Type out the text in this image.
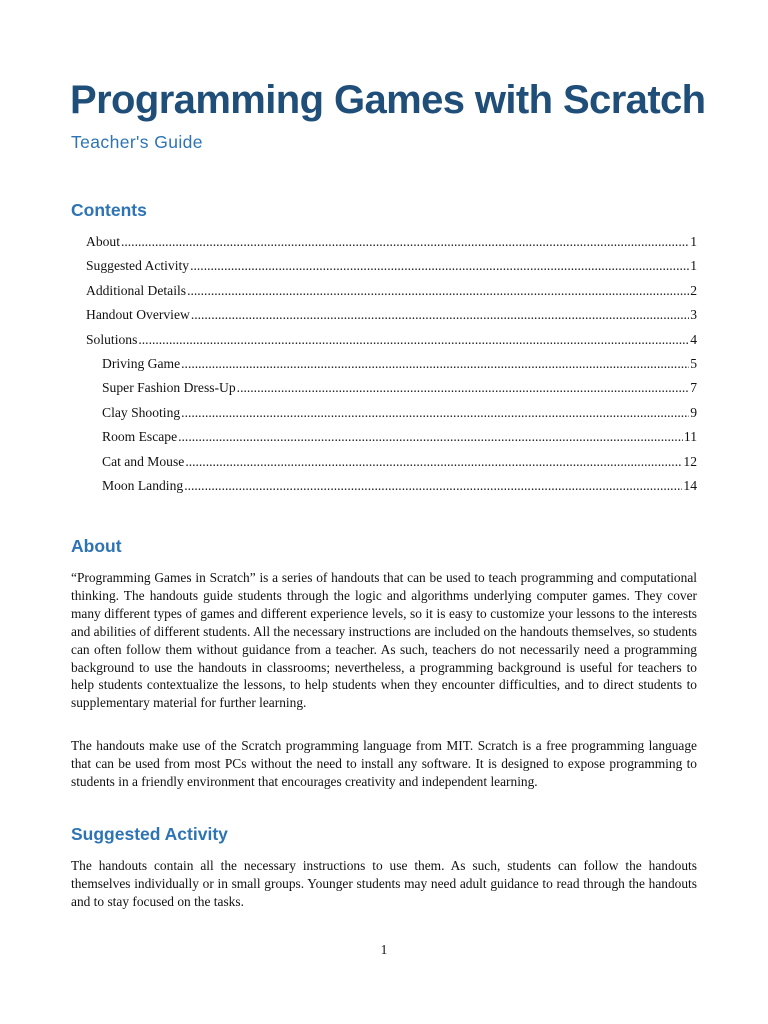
Programming Games with Scratch

Teacher's Guide

Contents
About .....	1
Suggested Activity .....	1
Additional Details .....	2
Handout Overview .....	3
Solutions .....	4
Driving Game .....	5
Super Fashion Dress-Up .....	7
Clay Shooting .....	9
Room Escape .....	11
Cat and Mouse .....	12
Moon Landing .....	14
About

“Programming Games in Scratch” is a series of handouts that can be used to teach programming and computational thinking. The handouts guide students through the logic and algorithms underlying computer games. They cover many different types of games and different experience levels, so it is easy to customize your lessons to the interests and abilities of different students. All the necessary instructions are included on the handouts themselves, so students can often follow them without guidance from a teacher. As such, teachers do not necessarily need a programming background to use the handouts in classrooms; nevertheless, a programming background is useful for teachers to help students contextualize the lessons, to help students when they encounter difficulties, and to direct students to supplementary material for further learning.

The handouts make use of the Scratch programming language from MIT. Scratch is a free programming language that can be used from most PCs without the need to install any software. It is designed to expose programming to students in a friendly environment that encourages creativity and independent learning.

Suggested Activity

The handouts contain all the necessary instructions to use them. As such, students can follow the handouts themselves individually or in small groups. Younger students may need adult guidance to read through the handouts and to stay focused on the tasks.

1
